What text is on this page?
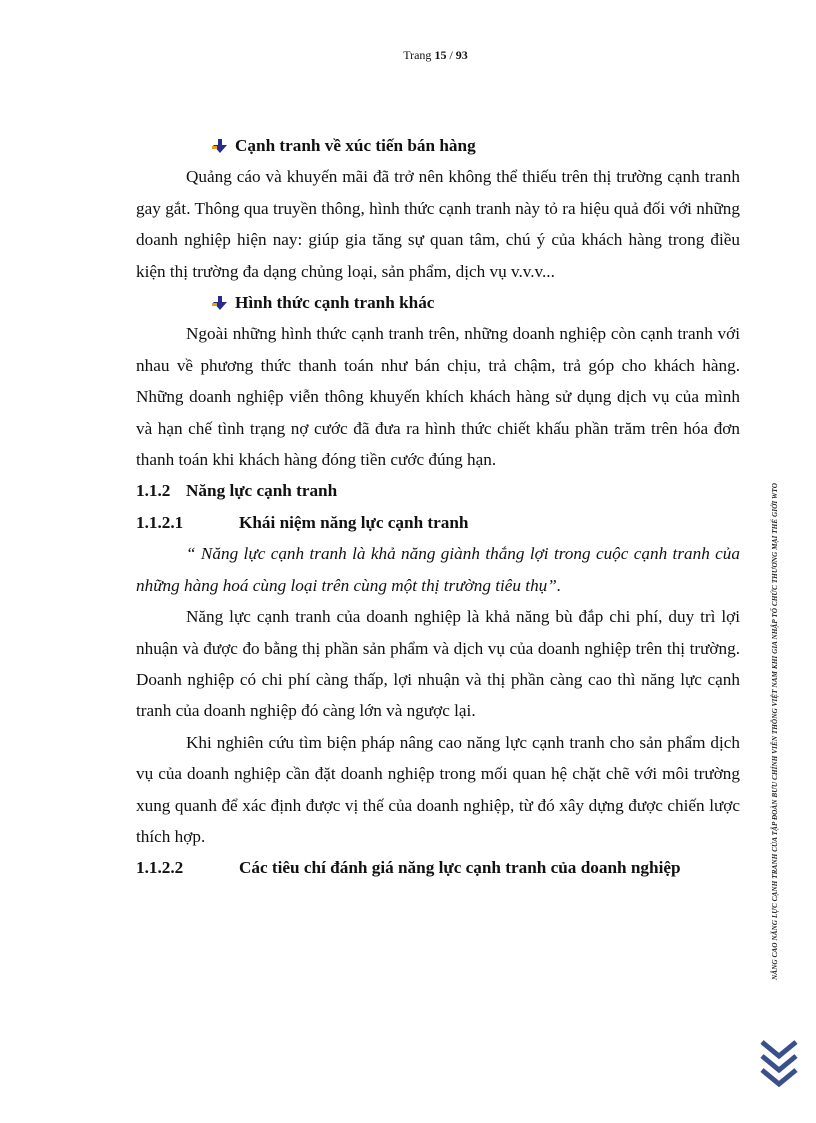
Trang 15 / 93
Cạnh tranh về xúc tiến bán hàng

Quảng cáo và khuyến mãi đã trở nên không thể thiếu trên thị trường cạnh tranh gay gắt. Thông qua truyền thông, hình thức cạnh tranh này tỏ ra hiệu quả đối với những doanh nghiệp hiện nay: giúp gia tăng sự quan tâm, chú ý của khách hàng trong điều kiện thị trường đa dạng chủng loại, sản phẩm, dịch vụ v.v.v...

Hình thức cạnh tranh khác

Ngoài những hình thức cạnh tranh trên, những doanh nghiệp còn cạnh tranh với nhau về phương thức thanh toán như bán chịu, trả chậm, trả góp cho khách hàng. Những doanh nghiệp viễn thông khuyến khích khách hàng sử dụng dịch vụ của mình và hạn chế tình trạng nợ cước đã đưa ra hình thức chiết khấu phần trăm trên hóa đơn thanh toán khi khách hàng đóng tiền cước đúng hạn.

1.1.2 Năng lực cạnh tranh
1.1.2.1	Khái niệm năng lực cạnh tranh

“ Năng lực cạnh tranh là khả năng giành thắng lợi trong cuộc cạnh tranh của những hàng hoá cùng loại trên cùng một thị trường tiêu thụ”.

Năng lực cạnh tranh của doanh nghiệp là khả năng bù đắp chi phí, duy trì lợi nhuận và được đo bằng thị phần sản phẩm và dịch vụ của doanh nghiệp trên thị trường. Doanh nghiệp có chi phí càng thấp, lợi nhuận và thị phần càng cao thì năng lực cạnh tranh của doanh nghiệp đó càng lớn và ngược lại.

Khi nghiên cứu tìm biện pháp nâng cao năng lực cạnh tranh cho sản phẩm dịch vụ của doanh nghiệp cần đặt doanh nghiệp trong mối quan hệ chặt chẽ với môi trường xung quanh để xác định được vị thế của doanh nghiệp, từ đó xây dựng được chiến lược thích hợp.

1.1.2.2	Các tiêu chí đánh giá năng lực cạnh tranh của doanh nghiệp	NÂNG CAO NĂNG LỰC CẠNH TRANH CỦA TẬP ĐOÀN BƯU CHÍNH VIỄN THÔNG VIỆT NAM KHI GIA NHẬP TỔ CHỨC THƯƠNG MẠI THẾ GIỚI WTO
